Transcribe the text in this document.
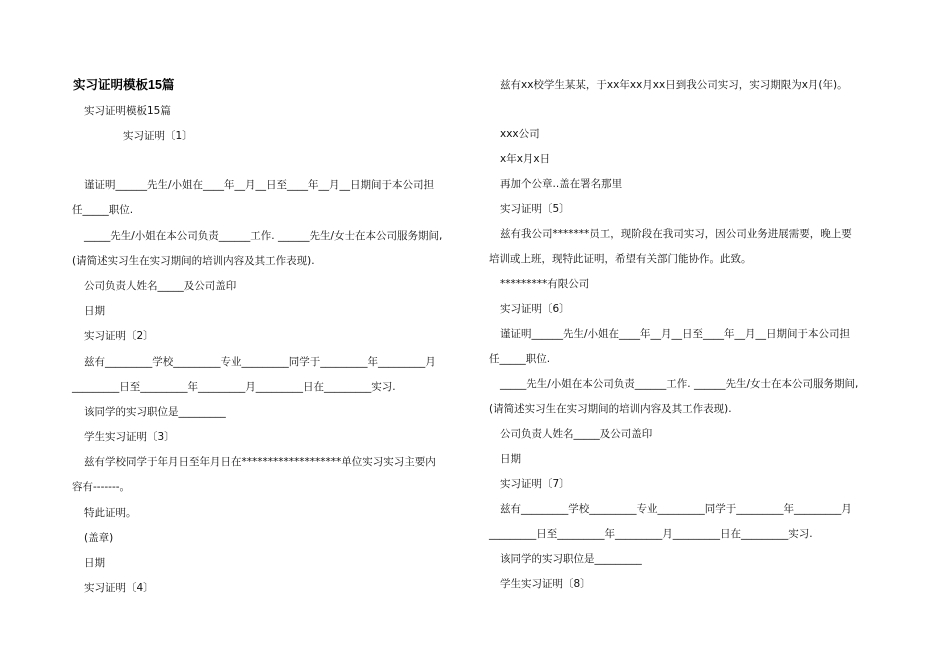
实习证明模板15篇
实习证明模板15篇
实习证明〔1〕
谨证明______先生/小姐在____年__月__日至____年__月__日期间于本公司担
任_____职位.
_____先生/小姐在本公司负责______工作. ______先生/女士在本公司服务期间,
(请简述实习生在实习期间的培训内容及其工作表现).
公司负责人姓名_____及公司盖印
日期
实习证明〔2〕
兹有_________学校_________专业_________同学于_________年_________月
_________日至_________年_________月_________日在_________实习.
该同学的实习职位是_________
学生实习证明〔3〕
兹有学校同学于年月日至年月日在*******************单位实习实习主要内
容有-------。
特此证明。
(盖章)
日期
实习证明〔4〕
兹有xx校学生某某，于xx年xx月xx日到我公司实习，实习期限为x月(年)。
xxx公司
x年x月x日
再加个公章..盖在署名那里
实习证明〔5〕
兹有我公司*******员工，现阶段在我司实习，因公司业务进展需要，晚上要
培训或上班，现特此证明，希望有关部门能协作。此致。
*********有限公司
实习证明〔6〕
谨证明______先生/小姐在____年__月__日至____年__月__日期间于本公司担
任_____职位.
_____先生/小姐在本公司负责______工作. ______先生/女士在本公司服务期间,
(请简述实习生在实习期间的培训内容及其工作表现).
公司负责人姓名_____及公司盖印
日期
实习证明〔7〕
兹有_________学校_________专业_________同学于_________年_________月
_________日至_________年_________月_________日在_________实习.
该同学的实习职位是_________
学生实习证明〔8〕
